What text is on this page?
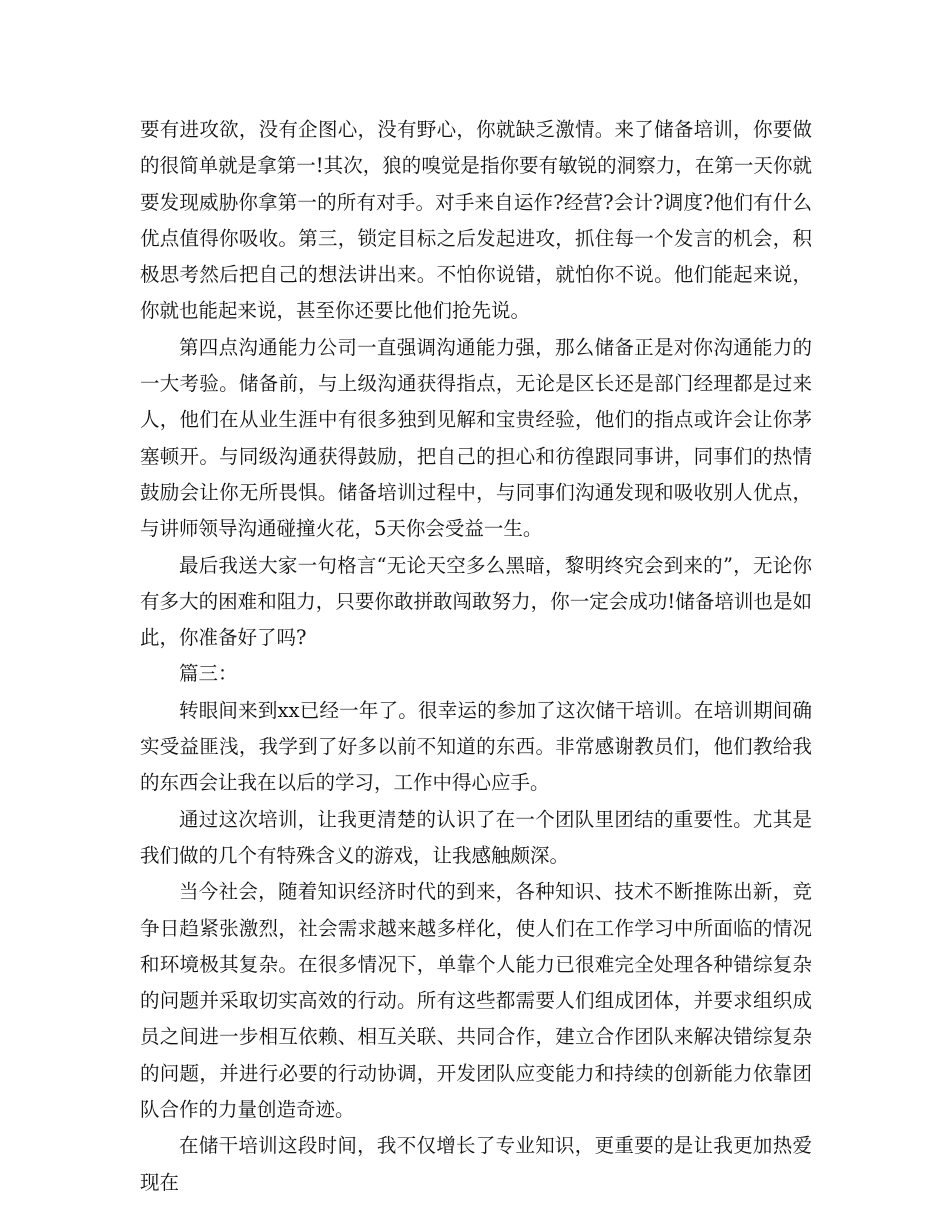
要有进攻欲，没有企图心，没有野心，你就缺乏激情。来了储备培训，你要做的很简单就是拿第一!其次，狼的嗅觉是指你要有敏锐的洞察力，在第一天你就要发现威胁你拿第一的所有对手。对手来自运作?经营?会计?调度?他们有什么优点值得你吸收。第三，锁定目标之后发起进攻，抓住每一个发言的机会，积极思考然后把自己的想法讲出来。不怕你说错，就怕你不说。他们能起来说，你就也能起来说，甚至你还要比他们抢先说。

第四点沟通能力公司一直强调沟通能力强，那么储备正是对你沟通能力的一大考验。储备前，与上级沟通获得指点，无论是区长还是部门经理都是过来人，他们在从业生涯中有很多独到见解和宝贵经验，他们的指点或许会让你茅塞顿开。与同级沟通获得鼓励，把自己的担心和彷徨跟同事讲，同事们的热情鼓励会让你无所畏惧。储备培训过程中，与同事们沟通发现和吸收别人优点，与讲师领导沟通碰撞火花，5天你会受益一生。

最后我送大家一句格言“无论天空多么黑暗，黎明终究会到来的”，无论你有多大的困难和阻力，只要你敢拼敢闯敢努力，你一定会成功!储备培训也是如此，你准备好了吗?

篇三：

转眼间来到xx已经一年了。很幸运的参加了这次储干培训。在培训期间确实受益匪浅，我学到了好多以前不知道的东西。非常感谢教员们，他们教给我的东西会让我在以后的学习，工作中得心应手。

通过这次培训，让我更清楚的认识了在一个团队里团结的重要性。尤其是我们做的几个有特殊含义的游戏，让我感触颇深。

当今社会，随着知识经济时代的到来，各种知识、技术不断推陈出新，竞争日趋紧张激烈，社会需求越来越多样化，使人们在工作学习中所面临的情况和环境极其复杂。在很多情况下，单靠个人能力已很难完全处理各种错综复杂的问题并采取切实高效的行动。所有这些都需要人们组成团体，并要求组织成员之间进一步相互依赖、相互关联、共同合作，建立合作团队来解决错综复杂的问题，并进行必要的行动协调，开发团队应变能力和持续的创新能力依靠团队合作的力量创造奇迹。

在储干培训这段时间，我不仅增长了专业知识，更重要的是让我更加热爱现在
